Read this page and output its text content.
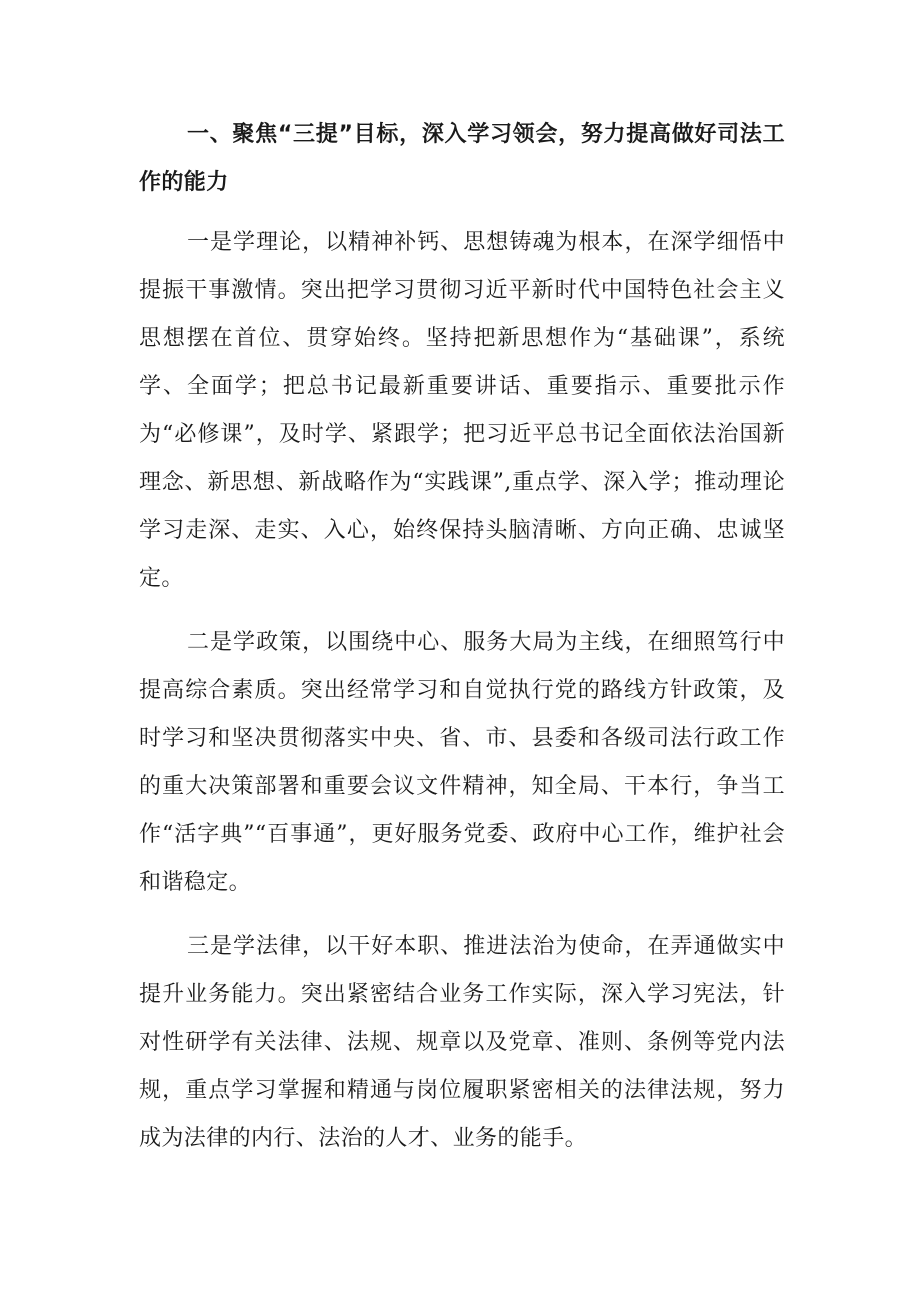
一、聚焦“三提”目标，深入学习领会，努力提高做好司法工作的能力

一是学理论，以精神补钙、思想铸魂为根本，在深学细悟中提振干事激情。突出把学习贯彻习近平新时代中国特色社会主义思想摆在首位、贯穿始终。坚持把新思想作为“基础课”，系统学、全面学；把总书记最新重要讲话、重要指示、重要批示作为“必修课”，及时学、紧跟学；把习近平总书记全面依法治国新理念、新思想、新战略作为“实践课”,重点学、深入学；推动理论学习走深、走实、入心，始终保持头脑清晰、方向正确、忠诚坚定。

二是学政策，以围绕中心、服务大局为主线，在细照笃行中提高综合素质。突出经常学习和自觉执行党的路线方针政策，及时学习和坚决贯彻落实中央、省、市、县委和各级司法行政工作的重大决策部署和重要会议文件精神，知全局、干本行，争当工作“活字典”“百事通”，更好服务党委、政府中心工作，维护社会和谐稳定。

三是学法律，以干好本职、推进法治为使命，在弄通做实中提升业务能力。突出紧密结合业务工作实际，深入学习宪法，针对性研学有关法律、法规、规章以及党章、准则、条例等党内法规，重点学习掌握和精通与岗位履职紧密相关的法律法规，努力成为法律的内行、法治的人才、业务的能手。
